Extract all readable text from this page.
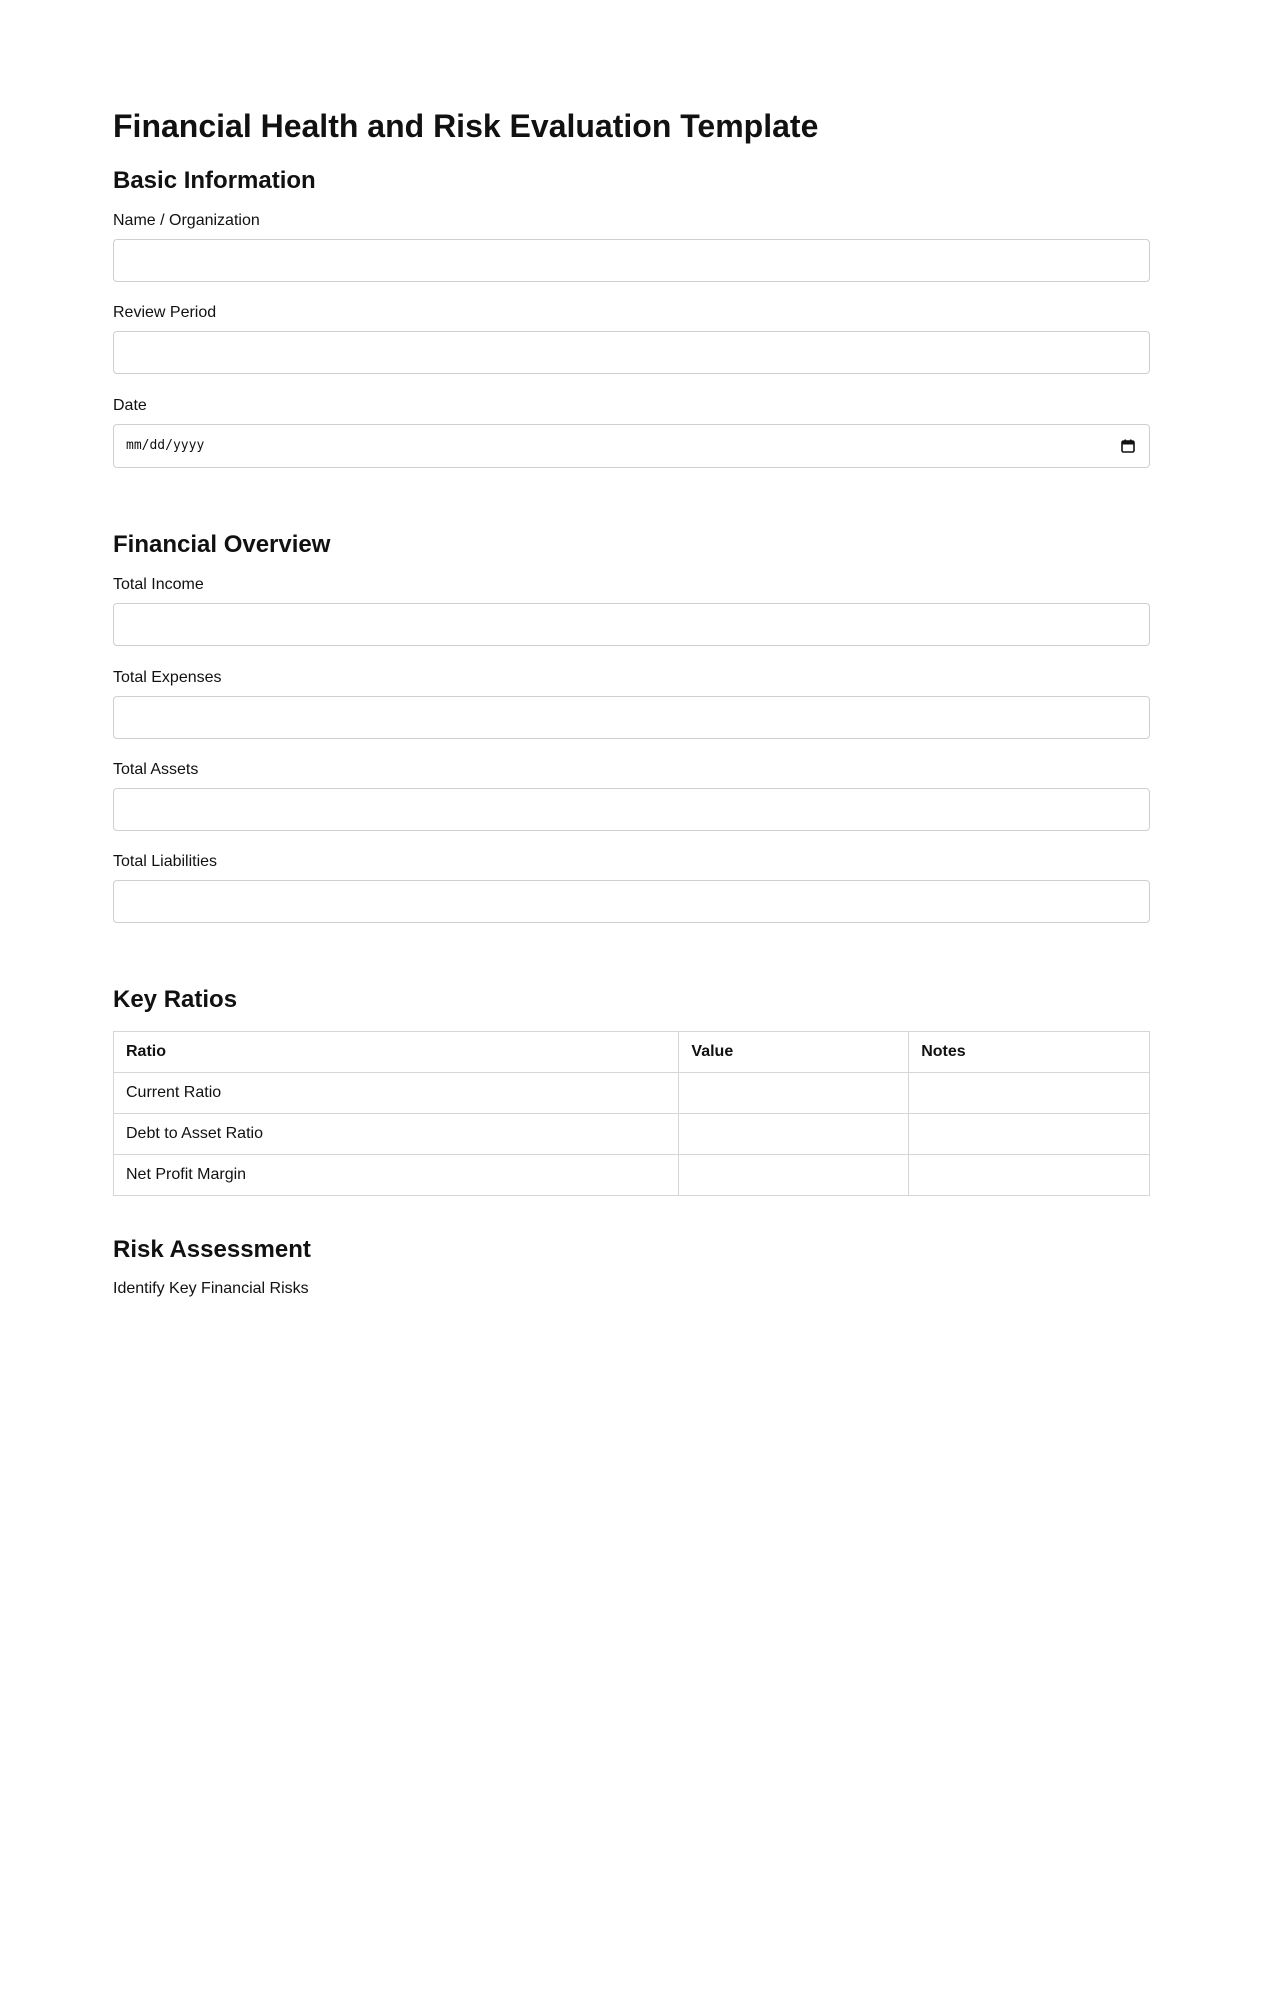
Financial Health and Risk Evaluation Template
Basic Information
Name / Organization
Review Period
Date
mm/dd/yyyy
Financial Overview
Total Income
Total Expenses
Total Assets
Total Liabilities
Key Ratios
Ratio	Value	Notes
Current Ratio		
Debt to Asset Ratio		
Net Profit Margin		
Risk Assessment

Identify Key Financial Risks
